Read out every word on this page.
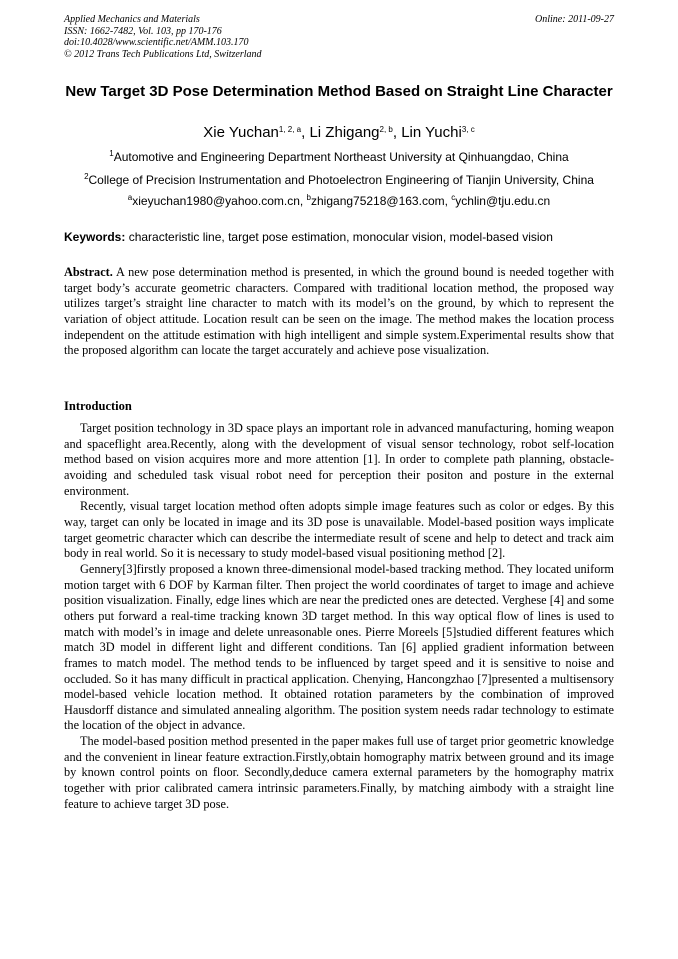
Applied Mechanics and Materials
ISSN: 1662-7482, Vol. 103, pp 170-176
doi:10.4028/www.scientific.net/AMM.103.170
© 2012 Trans Tech Publications Ltd, Switzerland
Online: 2011-09-27
New Target 3D Pose Determination Method Based on Straight Line Character
Xie Yuchan$^{1, 2, a}$, Li Zhigang$^{2, b}$, Lin Yuchi$^{3, c}$
$^1$Automotive and Engineering Department Northeast University at Qinhuangdao, China
$^2$College of Precision Instrumentation and Photoelectron Engineering of Tianjin University, China
$^a$xieyuchan1980@yahoo.com.cn, $^b$zhigang75218@163.com, $^c$ychlin@tju.edu.cn
Keywords: characteristic line, target pose estimation, monocular vision, model-based vision

Abstract. A new pose determination method is presented, in which the ground bound is needed together with target body’s accurate geometric characters. Compared with traditional location method, the proposed way utilizes target’s straight line character to match with its model’s on the ground, by which to represent the variation of object attitude. Location result can be seen on the image. The method makes the location process independent on the attitude estimation with high intelligent and simple system.Experimental results show that the proposed algorithm can locate the target accurately and achieve pose visualization.

Introduction

Target position technology in 3D space plays an important role in advanced manufacturing, homing weapon and spaceflight area.Recently, along with the development of visual sensor technology, robot self-location method based on vision acquires more and more attention [1]. In order to complete path planning, obstacle-avoiding and scheduled task visual robot need for perception their positon and posture in the external environment.

Recently, visual target location method often adopts simple image features such as color or edges. By this way, target can only be located in image and its 3D pose is unavailable. Model-based position ways implicate target geometric character which can describe the intermediate result of scene and help to detect and track aim body in real world. So it is necessary to study model-based visual positioning method [2].

Gennery[3]firstly proposed a known three-dimensional model-based tracking method. They located uniform motion target with 6 DOF by Karman filter. Then project the world coordinates of target to image and achieve position visualization. Finally, edge lines which are near the predicted ones are detected. Verghese [4] and some others put forward a real-time tracking known 3D target method. In this way optical flow of lines is used to match with model’s in image and delete unreasonable ones. Pierre Moreels [5]studied different features which match 3D model in different light and different conditions. Tan [6] applied gradient information between frames to match model. The method tends to be influenced by target speed and it is sensitive to noise and occluded. So it has many difficult in practical application. Chenying, Hancongzhao [7]presented a multisensory model-based vehicle location method. It obtained rotation parameters by the combination of improved Hausdorff distance and simulated annealing algorithm. The position system needs radar technology to estimate the location of the object in advance.

The model-based position method presented in the paper makes full use of target prior geometric knowledge and the convenient in linear feature extraction.Firstly,obtain homography matrix between ground and its image by known control points on floor. Secondly,deduce camera external parameters by the homography matrix together with prior calibrated camera intrinsic parameters.Finally, by matching aimbody with a straight line feature to achieve target 3D pose.
